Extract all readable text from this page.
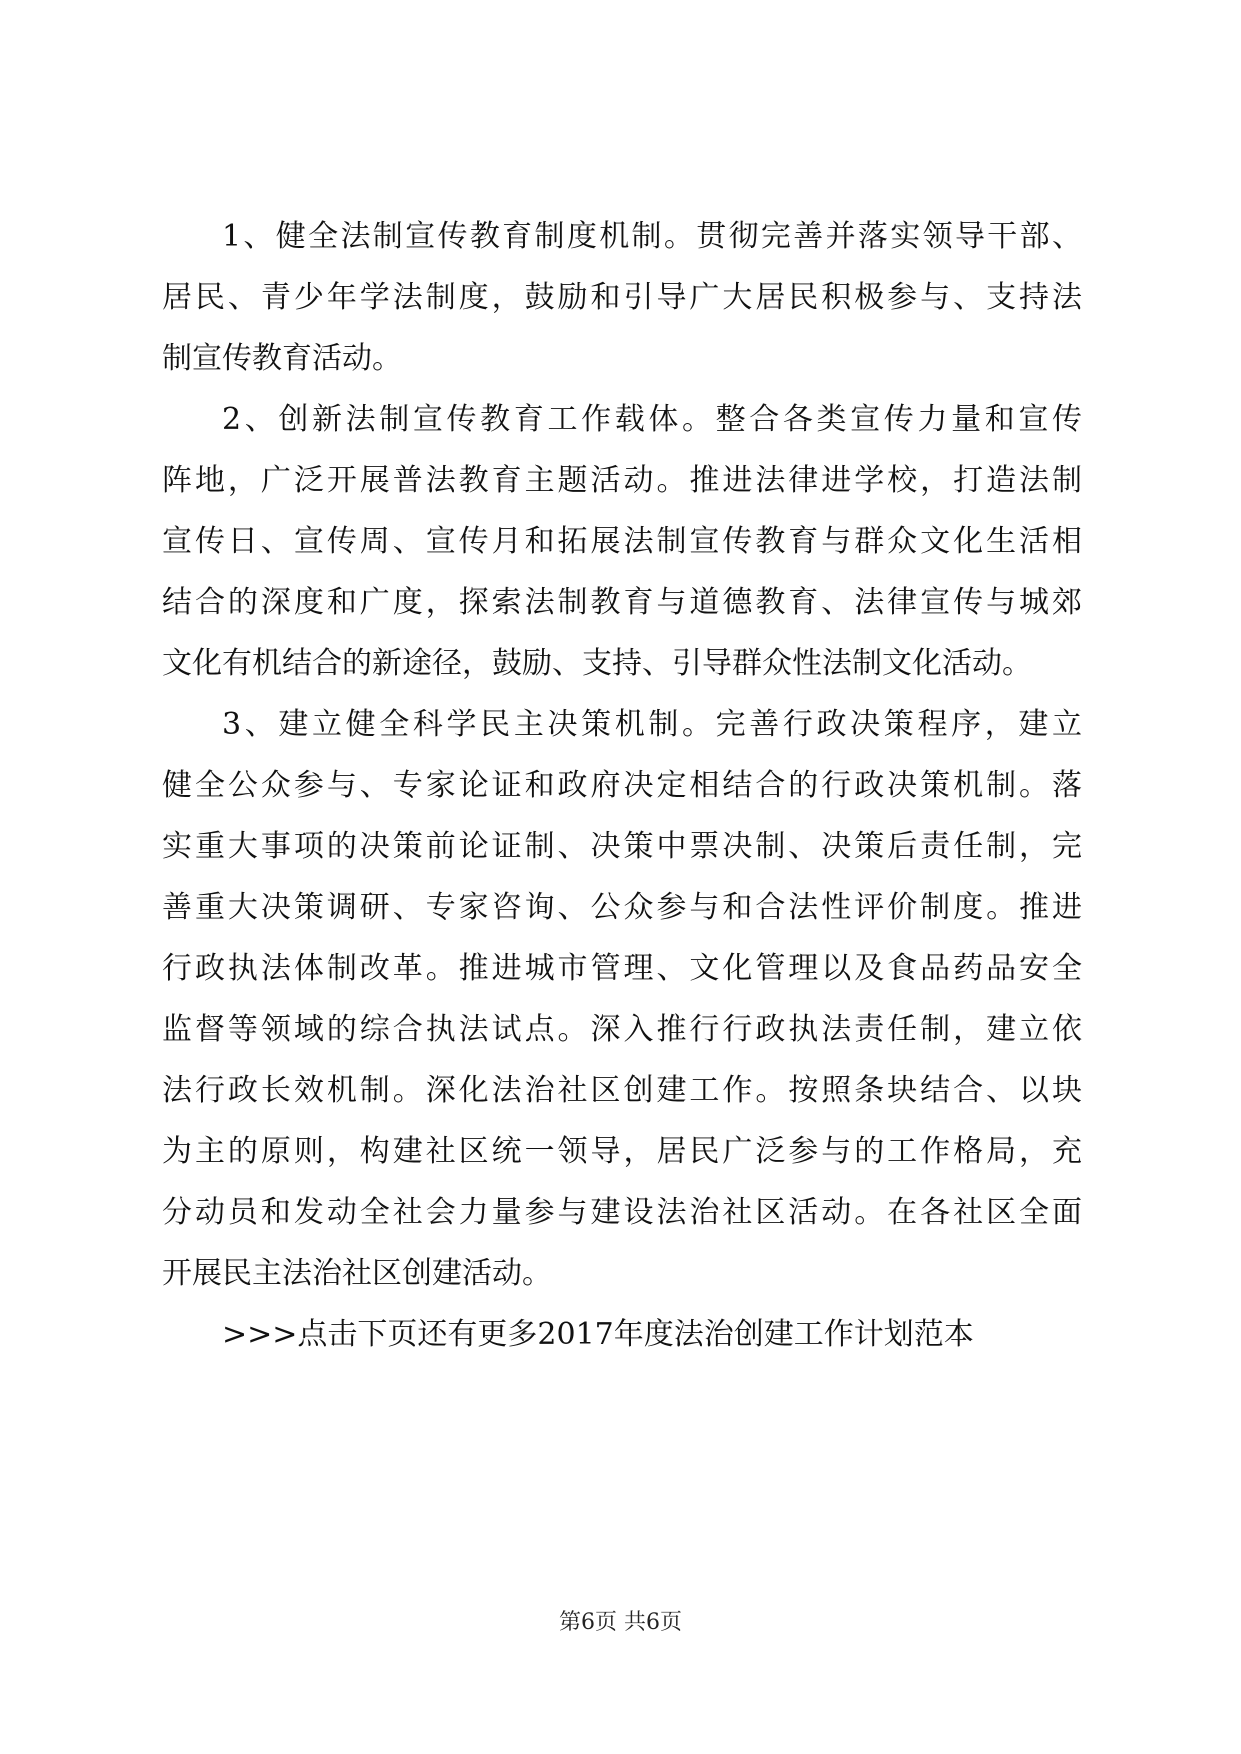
1、健全法制宣传教育制度机制。贯彻完善并落实领导干部、
居民、青少年学法制度，鼓励和引导广大居民积极参与、支持法
制宣传教育活动。
2、创新法制宣传教育工作载体。整合各类宣传力量和宣传
阵地，广泛开展普法教育主题活动。推进法律进学校，打造法制
宣传日、宣传周、宣传月和拓展法制宣传教育与群众文化生活相
结合的深度和广度，探索法制教育与道德教育、法律宣传与城郊
文化有机结合的新途径，鼓励、支持、引导群众性法制文化活动。
3、建立健全科学民主决策机制。完善行政决策程序，建立
健全公众参与、专家论证和政府决定相结合的行政决策机制。落
实重大事项的决策前论证制、决策中票决制、决策后责任制，完
善重大决策调研、专家咨询、公众参与和合法性评价制度。推进
行政执法体制改革。推进城市管理、文化管理以及食品药品安全
监督等领域的综合执法试点。深入推行行政执法责任制，建立依
法行政长效机制。深化法治社区创建工作。按照条块结合、以块
为主的原则，构建社区统一领导，居民广泛参与的工作格局，充
分动员和发动全社会力量参与建设法治社区活动。在各社区全面
开展民主法治社区创建活动。
>>>点击下页还有更多2017年度法治创建工作计划范本
第6页 共6页
